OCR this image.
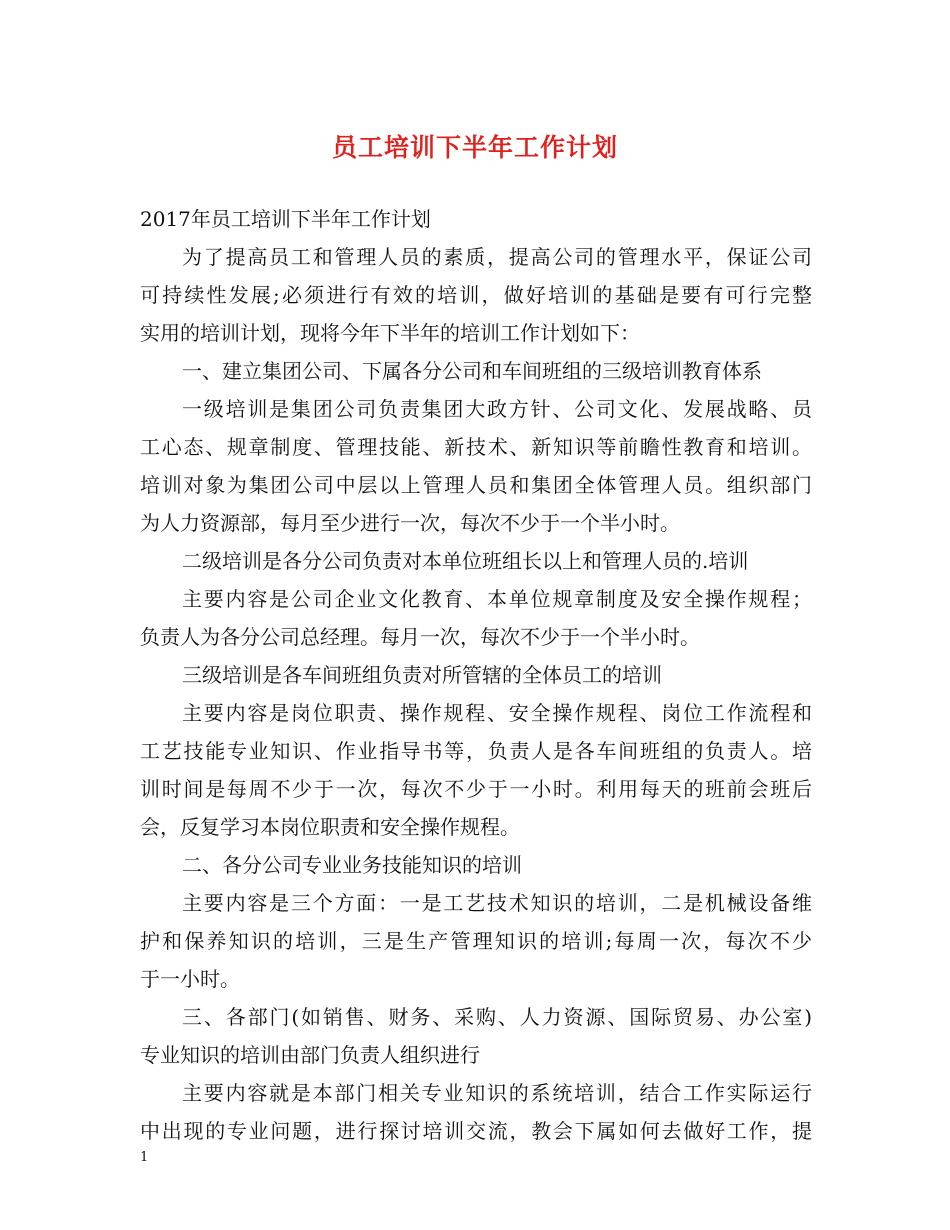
员工培训下半年工作计划

2017年员工培训下半年工作计划

为了提高员工和管理人员的素质，提高公司的管理水平，保证公司

可持续性发展;必须进行有效的培训，做好培训的基础是要有可行完整

实用的培训计划，现将今年下半年的培训工作计划如下：

一、建立集团公司、下属各分公司和车间班组的三级培训教育体系

一级培训是集团公司负责集团大政方针、公司文化、发展战略、员

工心态、规章制度、管理技能、新技术、新知识等前瞻性教育和培训。

培训对象为集团公司中层以上管理人员和集团全体管理人员。组织部门

为人力资源部，每月至少进行一次，每次不少于一个半小时。

二级培训是各分公司负责对本单位班组长以上和管理人员的.培训

主要内容是公司企业文化教育、本单位规章制度及安全操作规程；

负责人为各分公司总经理。每月一次，每次不少于一个半小时。

三级培训是各车间班组负责对所管辖的全体员工的培训

主要内容是岗位职责、操作规程、安全操作规程、岗位工作流程和

工艺技能专业知识、作业指导书等，负责人是各车间班组的负责人。培

训时间是每周不少于一次，每次不少于一小时。利用每天的班前会班后

会，反复学习本岗位职责和安全操作规程。

二、各分公司专业业务技能知识的培训

主要内容是三个方面：一是工艺技术知识的培训，二是机械设备维

护和保养知识的培训，三是生产管理知识的培训;每周一次，每次不少

于一小时。

三、各部门(如销售、财务、采购、人力资源、国际贸易、办公室)

专业知识的培训由部门负责人组织进行

主要内容就是本部门相关专业知识的系统培训，结合工作实际运行

中出现的专业问题，进行探讨培训交流，教会下属如何去做好工作，提

1
